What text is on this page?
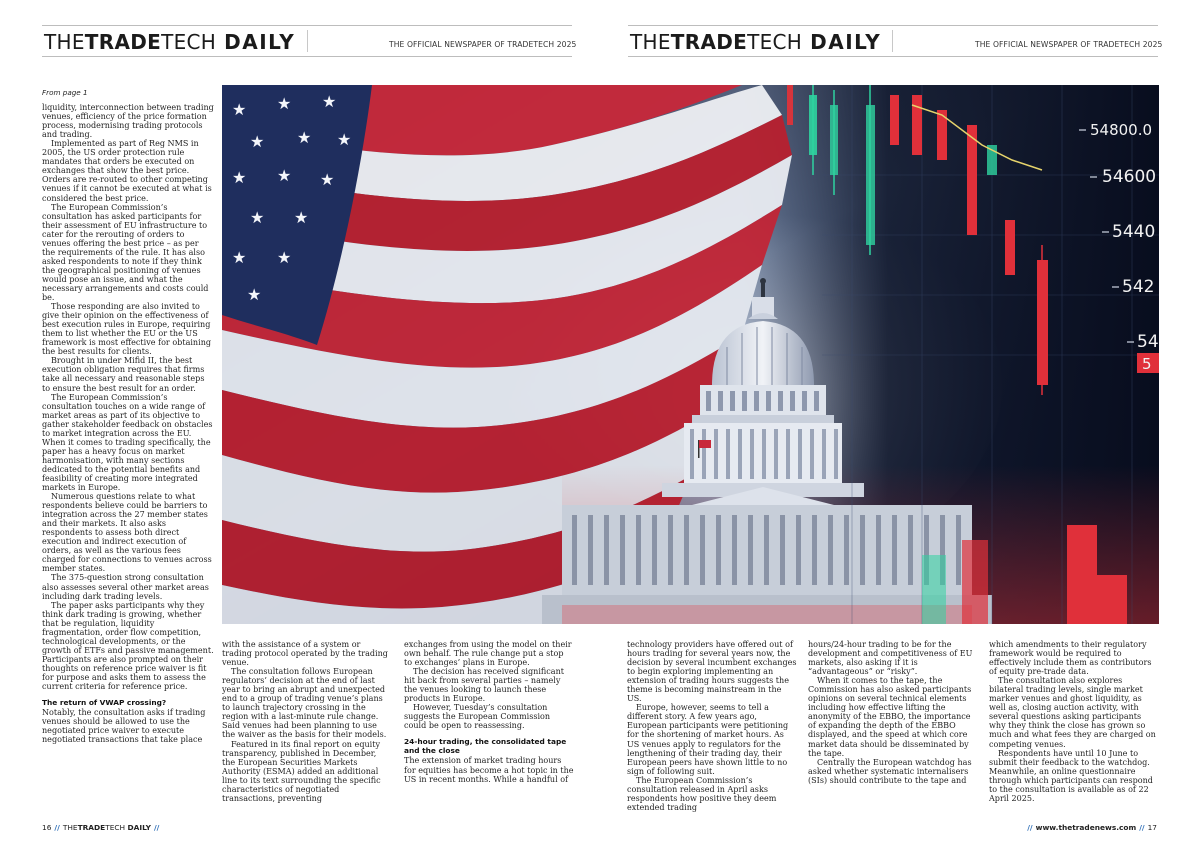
THETRADETECH DAILY	THE OFFICIAL NEWSPAPER OF TRADETECH 2025	THETRADETECH DAILY	THE OFFICIAL NEWSPAPER OF TRADETECH 2025
★ ★ ★
★ ★ ★
★ ★ ★
★ ★
★ ★
★
54800.0
54600
5440
542
54
5
From page 1

liquidity, interconnection between trading venues, efficiency of the price formation process, modernising trading protocols and trading.

Implemented as part of Reg NMS in 2005, the US order protection rule mandates that orders be executed on exchanges that show the best price. Orders are re-routed to other competing venues if it cannot be executed at what is considered the best price.

The European Commission’s consultation has asked participants for their assessment of EU infrastructure to cater for the rerouting of orders to venues offering the best price – as per the requirements of the rule. It has also asked respondents to note if they think the geographical positioning of venues would pose an issue, and what the necessary arrangements and costs could be.

Those responding are also invited to give their opinion on the effectiveness of best execution rules in Europe, requiring them to list whether the EU or the US framework is most effective for obtaining the best results for clients.

Brought in under Mifid II, the best execution obligation requires that firms take all necessary and reasonable steps to ensure the best result for an order.

The European Commission’s consultation touches on a wide range of market areas as part of its objective to gather stakeholder feedback on obstacles to market integration across the EU. When it comes to trading specifically, the paper has a heavy focus on market harmonisation, with many sections dedicated to the potential benefits and feasibility of creating more integrated markets in Europe.

Numerous questions relate to what respondents believe could be barriers to integration across the 27 member states and their markets. It also asks respondents to assess both direct execution and indirect execution of orders, as well as the various fees charged for connections to venues across member states.

The 375-question strong consultation also assesses several other market areas including dark trading levels.

The paper asks participants why they think dark trading is growing, whether that be regulation, liquidity fragmentation, order flow competition, technological developments, or the growth of ETFs and passive management. Participants are also prompted on their thoughts on reference price waiver is fit for purpose and asks them to assess the current criteria for reference price.

The return of VWAP crossing?

Notably, the consultation asks if trading venues should be allowed to use the negotiated price waiver to execute negotiated transactions that take place

with the assistance of a system or trading protocol operated by the trading venue.

The consultation follows European regulators’ decision at the end of last year to bring an abrupt and unexpected end to a group of trading venue’s plans to launch trajectory crossing in the region with a last-minute rule change. Said venues had been planning to use the waiver as the basis for their models.

Featured in its final report on equity transparency, published in December, the European Securities Markets Authority (ESMA) added an additional line to its text surrounding the specific characteristics of negotiated transactions, preventing

exchanges from using the model on their own behalf. The rule change put a stop to exchanges’ plans in Europe.

The decision has received significant hit back from several parties – namely the venues looking to launch these products in Europe.

However, Tuesday’s consultation suggests the European Commission could be open to reassessing.

24-hour trading, the consolidated tape and the close

The extension of market trading hours for equities has become a hot topic in the US in recent months. While a handful of

technology providers have offered out of hours trading for several years now, the decision by several incumbent exchanges to begin exploring implementing an extension of trading hours suggests the theme is becoming mainstream in the US.

Europe, however, seems to tell a different story. A few years ago, European participants were petitioning for the shortening of market hours. As US venues apply to regulators for the lengthening of their trading day, their European peers have shown little to no sign of following suit.

The European Commission’s consultation released in April asks respondents how positive they deem extended trading

hours/24-hour trading to be for the development and competitiveness of EU markets, also asking if it is “advantageous” or “risky”.

When it comes to the tape, the Commission has also asked participants opinions on several technical elements including how effective lifting the anonymity of the EBBO, the importance of expanding the depth of the EBBO displayed, and the speed at which core market data should be disseminated by the tape.

Centrally the European watchdog has asked whether systematic internalisers (SIs) should contribute to the tape and

which amendments to their regulatory framework would be required to effectively include them as contributors of equity pre-trade data.

The consultation also explores bilateral trading levels, single market marker venues and ghost liquidity, as well as, closing auction activity, with several questions asking participants why they think the close has grown so much and what fees they are charged on competing venues.

Respondents have until 10 June to submit their feedback to the watchdog. Meanwhile, an online questionnaire through which participants can respond to the consultation is available as of 22 April 2025.

16 // THETRADETECH DAILY //	// www.thetradenews.com // 17
